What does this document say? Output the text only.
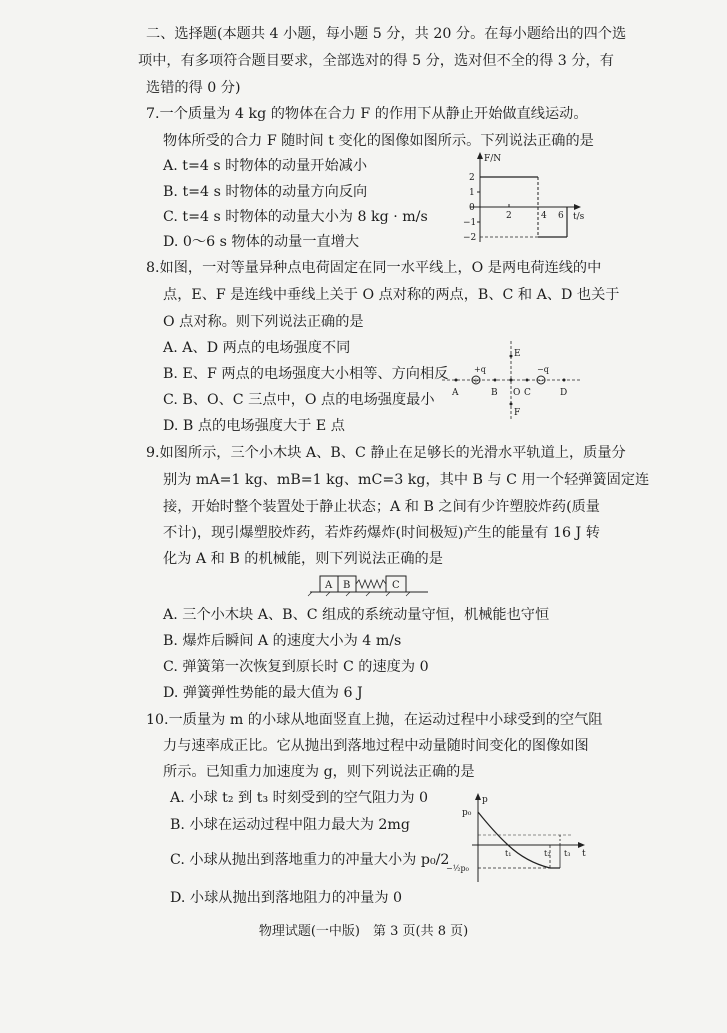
二、选择题(本题共 4 小题，每小题 5 分，共 20 分。在每小题给出的四个选
项中，有多项符合题目要求，全部选对的得 5 分，选对但不全的得 3 分，有
选错的得 0 分)
7.一个质量为 4 kg 的物体在合力 F 的作用下从静止开始做直线运动。
物体所受的合力 F 随时间 t 变化的图像如图所示。下列说法正确的是
A. t=4 s 时物体的动量开始减小
B. t=4 s 时物体的动量方向反向
C. t=4 s 时物体的动量大小为 8 kg · m/s
D. 0～6 s 物体的动量一直增大
F/N
t/s
2
1
0
−1
−2
2	4 6
8.如图，一对等量异种点电荷固定在同一水平线上，O 是两电荷连线的中
点，E、F 是连线中垂线上关于 O 点对称的两点，B、C 和 A、D 也关于
O 点对称。则下列说法正确的是
A. A、D 两点的电场强度不同
B. E、F 两点的电场强度大小相等、方向相反
C. B、O、C 三点中，O 点的电场强度最小
D. B 点的电场强度大于 E 点
+	−
+q	−q
A	B O C	D
E
F
9.如图所示，三个小木块 A、B、C 静止在足够长的光滑水平轨道上，质量分
别为 mA=1 kg、mB=1 kg、mC=3 kg，其中 B 与 C 用一个轻弹簧固定连
接，开始时整个装置处于静止状态；A 和 B 之间有少许塑胶炸药(质量
不计)，现引爆塑胶炸药，若炸药爆炸(时间极短)产生的能量有 16 J 转
化为 A 和 B 的机械能，则下列说法正确的是
A B	C
A. 三个小木块 A、B、C 组成的系统动量守恒，机械能也守恒
B. 爆炸后瞬间 A 的速度大小为 4 m/s
C. 弹簧第一次恢复到原长时 C 的速度为 0
D. 弹簧弹性势能的最大值为 6 J
10.一质量为 m 的小球从地面竖直上抛，在运动过程中小球受到的空气阻
力与速率成正比。它从抛出到落地过程中动量随时间变化的图像如图
所示。已知重力加速度为 g，则下列说法正确的是
A. 小球 t₂ 到 t₃ 时刻受到的空气阻力为 0
B. 小球在运动过程中阻力最大为 2mg
C. 小球从抛出到落地重力的冲量大小为 p₀/2
D. 小球从抛出到落地阻力的冲量为 0
p
t
p₀
−½p₀
t₁	t₂ t₃
物理试题(一中版)　第 3 页(共 8 页)
